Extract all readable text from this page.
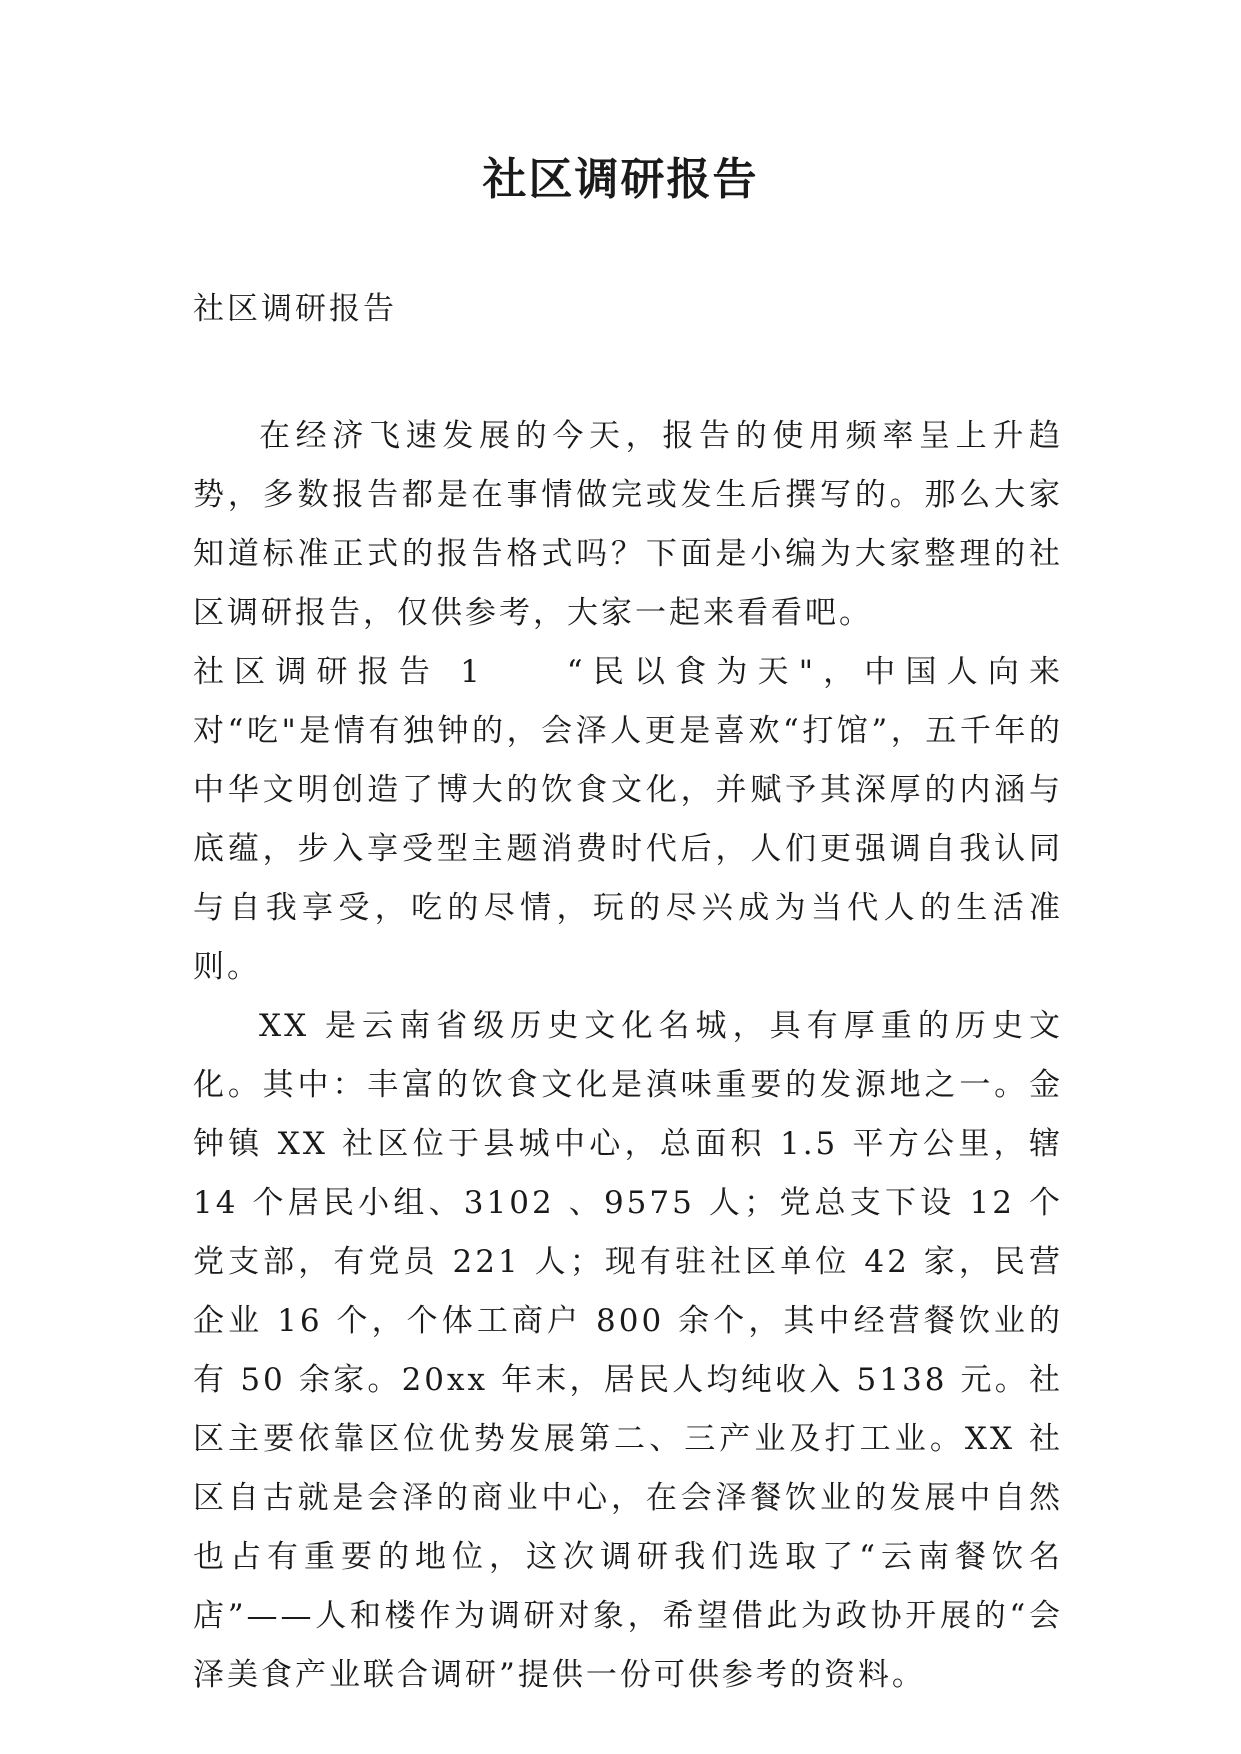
社区调研报告
社区调研报告

在经济飞速发展的今天，报告的使用频率呈上升趋势，多数报告都是在事情做完或发生后撰写的。那么大家知道标准正式的报告格式吗？下面是小编为大家整理的社区调研报告，仅供参考，大家一起来看看吧。

社区调研报告 1	“民以食为天"，中国人向来对“吃"是情有独钟的，会泽人更是喜欢“打馆”，五千年的中华文明创造了博大的饮食文化，并赋予其深厚的内涵与底蕴，步入享受型主题消费时代后，人们更强调自我认同与自我享受，吃的尽情，玩的尽兴成为当代人的生活准则。

XX 是云南省级历史文化名城，具有厚重的历史文化。其中：丰富的饮食文化是滇味重要的发源地之一。金钟镇 XX 社区位于县城中心，总面积 1.5 平方公里，辖 14 个居民小组、3102 、9575 人；党总支下设 12 个党支部，有党员 221 人；现有驻社区单位 42 家，民营企业 16 个，个体工商户 800 余个，其中经营餐饮业的有 50 余家。20xx 年末，居民人均纯收入 5138 元。社区主要依靠区位优势发展第二、三产业及打工业。XX 社区自古就是会泽的商业中心，在会泽餐饮业的发展中自然也占有重要的地位，这次调研我们选取了“云南餐饮名店”——人和楼作为调研对象，希望借此为政协开展的“会泽美食产业联合调研”提供一份可供参考的资料。
